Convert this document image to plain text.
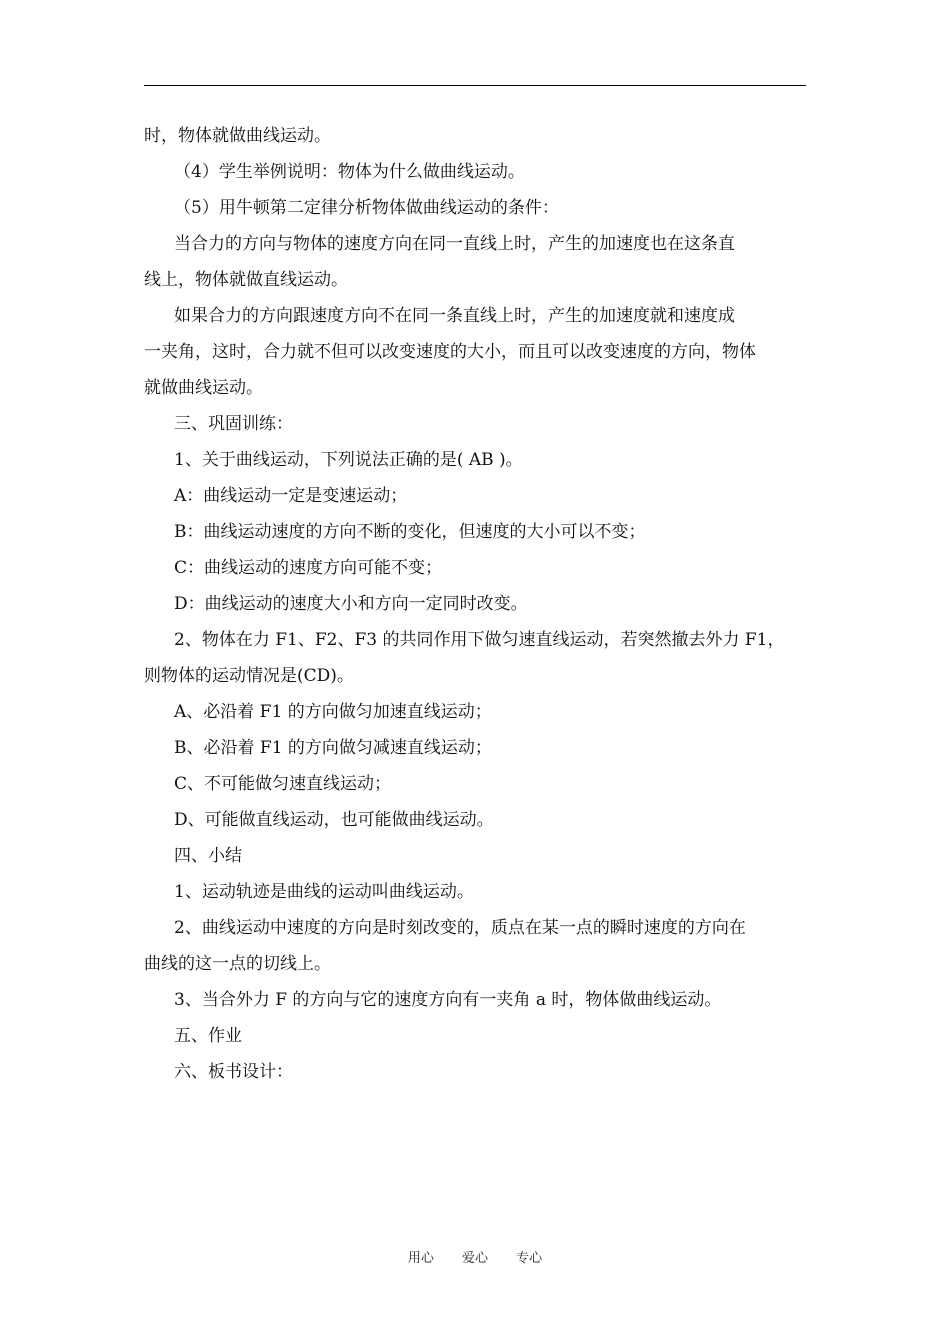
时，物体就做曲线运动。
（4）学生举例说明：物体为什么做曲线运动。
（5）用牛顿第二定律分析物体做曲线运动的条件：
当合力的方向与物体的速度方向在同一直线上时，产生的加速度也在这条直
线上，物体就做直线运动。
如果合力的方向跟速度方向不在同一条直线上时，产生的加速度就和速度成
一夹角，这时，合力就不但可以改变速度的大小，而且可以改变速度的方向，物体
就做曲线运动。
三、巩固训练：
1、关于曲线运动，下列说法正确的是( AB )。
A：曲线运动一定是变速运动；
B：曲线运动速度的方向不断的变化，但速度的大小可以不变；
C：曲线运动的速度方向可能不变；
D：曲线运动的速度大小和方向一定同时改变。
2、物体在力 F1、F2、F3 的共同作用下做匀速直线运动，若突然撤去外力 F1，
则物体的运动情况是(CD)。
A、必沿着 F1 的方向做匀加速直线运动；
B、必沿着 F1 的方向做匀减速直线运动；
C、不可能做匀速直线运动；
D、可能做直线运动，也可能做曲线运动。
四、小结
1、运动轨迹是曲线的运动叫曲线运动。
2、曲线运动中速度的方向是时刻改变的，质点在某一点的瞬时速度的方向在
曲线的这一点的切线上。
3、当合外力 F 的方向与它的速度方向有一夹角 a 时，物体做曲线运动。
五、作业
六、板书设计：
用心 爱心 专心
